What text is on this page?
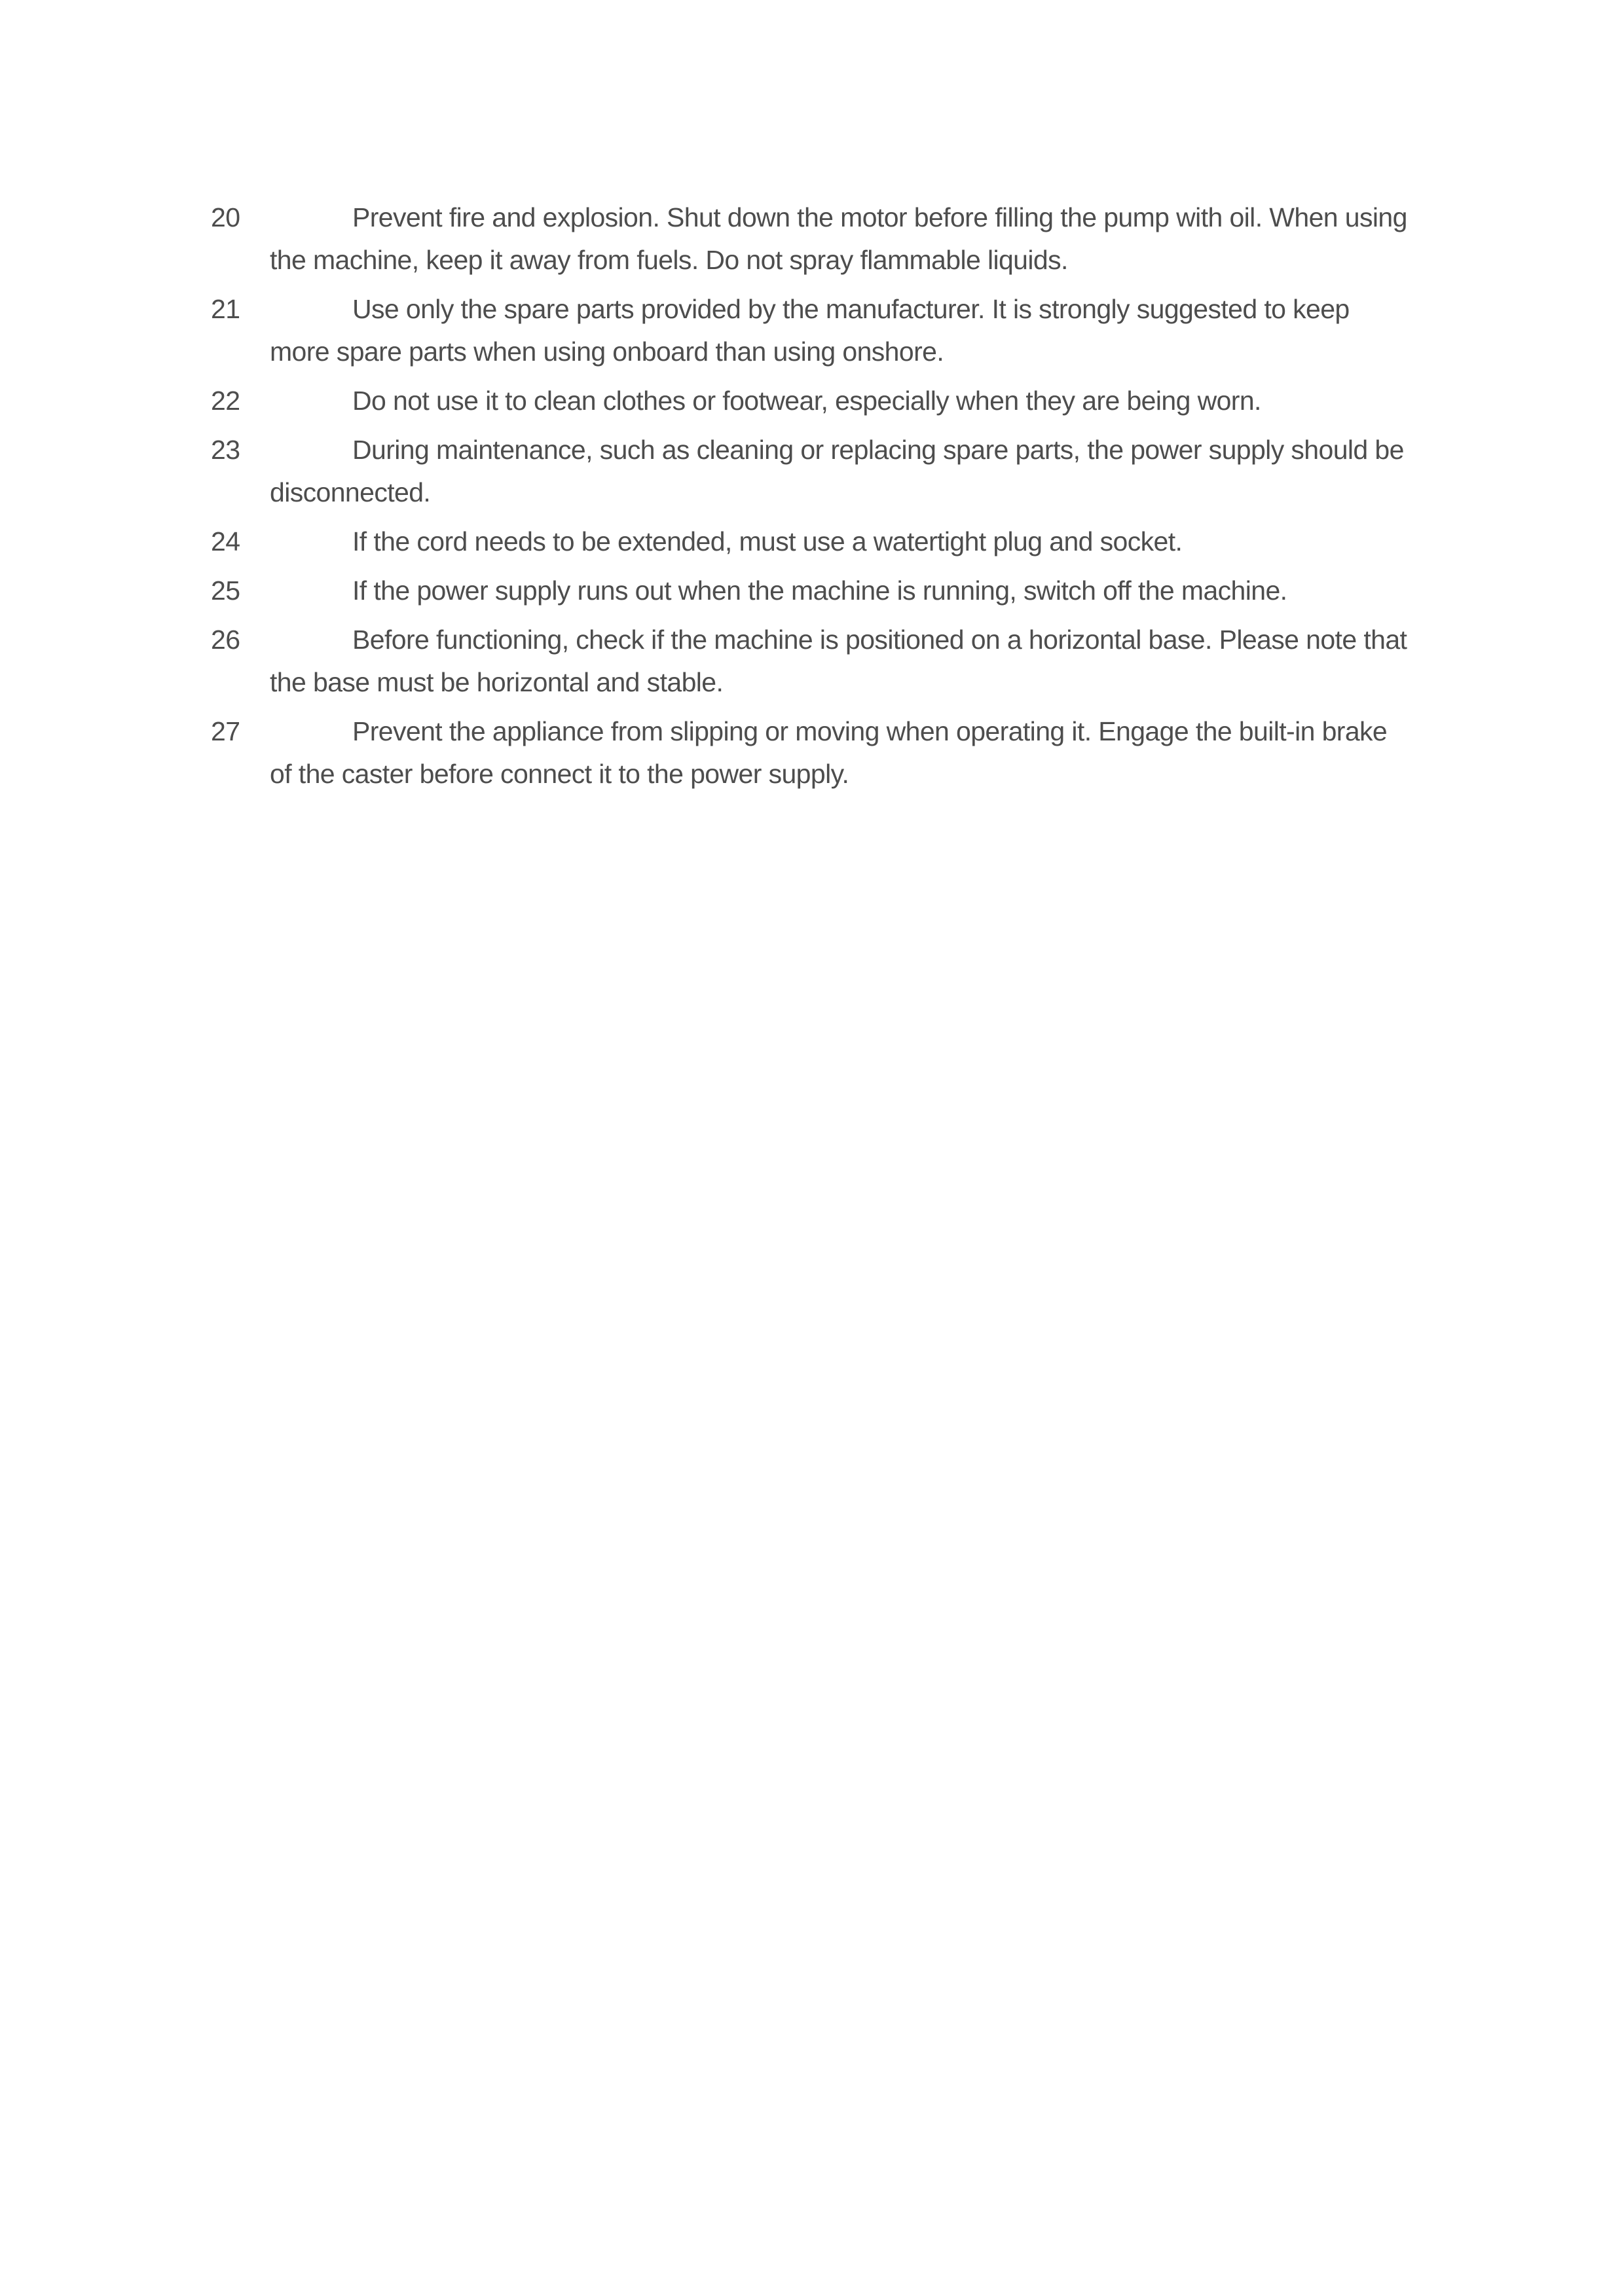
20	Prevent fire and explosion. Shut down the motor before filling the pump with oil. When using the machine, keep it away from fuels. Do not spray flammable liquids.
21	Use only the spare parts provided by the manufacturer. It is strongly suggested to keep more spare parts when using onboard than using onshore.
22	Do not use it to clean clothes or footwear, especially when they are being worn.
23	During maintenance, such as cleaning or replacing spare parts, the power supply should be disconnected.
24	If the cord needs to be extended, must use a watertight plug and socket.
25	If the power supply runs out when the machine is running, switch off the machine.
26	Before functioning, check if the machine is positioned on a horizontal base. Please note that the base must be horizontal and stable.
27	Prevent the appliance from slipping or moving when operating it. Engage the built-in brake of the caster before connect it to the power supply.
